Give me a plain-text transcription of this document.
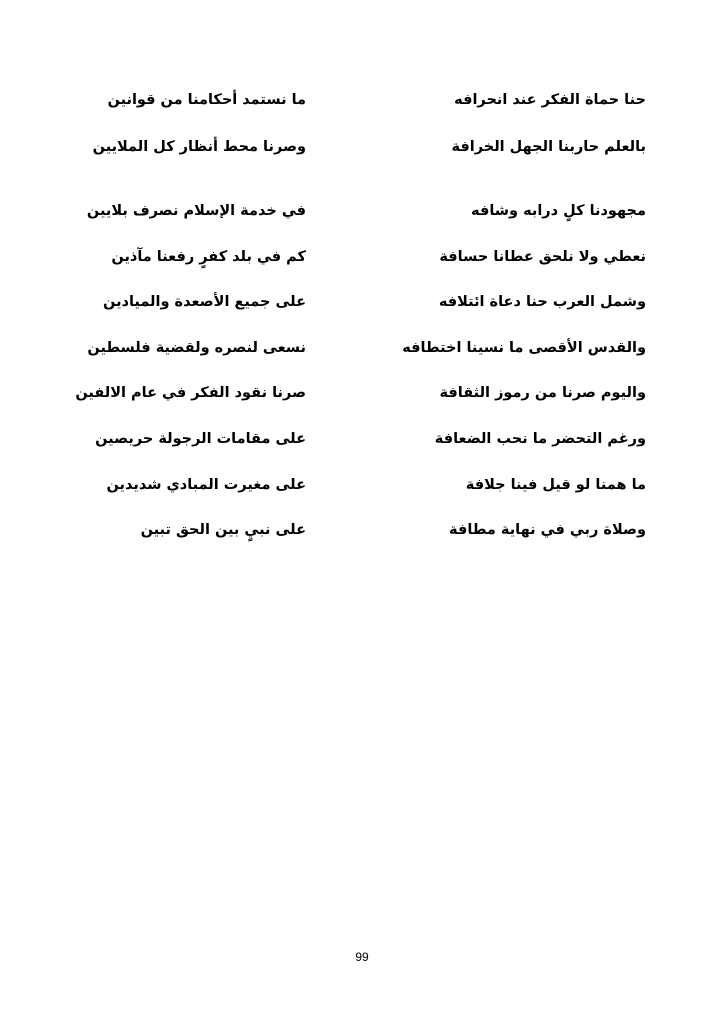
حنا حماة الفكر عند انحرافه
ما نستمد أحكامنا من قوانين
بالعلم حاربنا الجهل الخرافة
وصرنا محط أنظار كل الملايين
مجهودنا كلٍ درابه وشافه
في خدمة الإسلام نصرف بلايين
نعطي ولا نلحق عطانا حسافة
كم في بلد كفرٍ رفعنا مآذين
وشمل العرب حنا دعاة ائتلافه
على جميع الأصعدة والميادين
والقدس الأقصى ما نسينا اختطافه
نسعى لنصره ولقضية فلسطين
واليوم صرنا من رموز الثقافة
صرنا نقود الفكر في عام الالفين
ورغم التحضر ما نحب الضعافة
على مقامات الرجولة حريصين
ما همنا لو قيل فينا جلافة
على مغيرت المبادي شديدين
وصلاة ربي في نهاية مطافة
على نبيٍ بين الحق تبين
99
